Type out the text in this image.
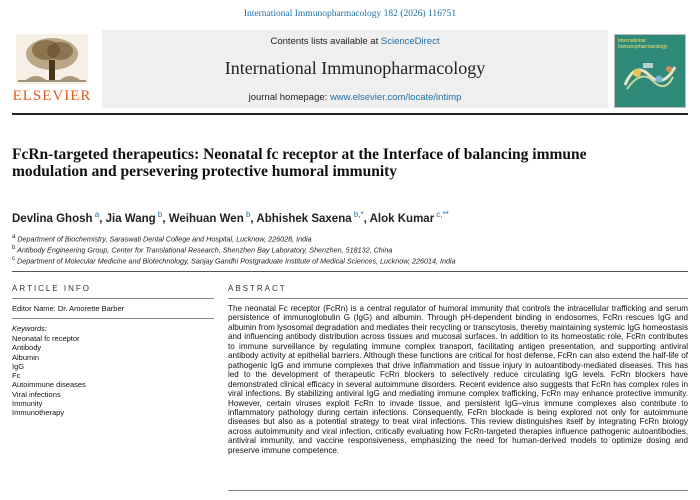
International Immunopharmacology 182 (2026) 116751
ELSEVIER
Contents lists available at ScienceDirect
International Immunopharmacology
journal homepage: www.elsevier.com/locate/intimp
International Immunopharmacology
FcRn-targeted therapeutics: Neonatal fc receptor at the Interface of balancing immune modulation and persevering protective humoral immunity
Devlina Ghosh $^a$, Jia Wang $^b$, Weihuan Wen $^b$, Abhishek Saxena $^{b,*}$, Alok Kumar $^{c,**}$
$^a$ Department of Biochemistry, Saraswati Dental College and Hospital, Lucknow, 226028, India
$^b$ Antibody Engineering Group, Center for Translational Research, Shenzhen Bay Laboratory, Shenzhen, 518132, China
$^c$ Department of Molecular Medicine and Biotechnology, Sanjay Gandhi Postgraduate Institute of Medical Sciences, Lucknow, 226014, India
ARTICLE INFO	ABSTRACT
Editor Name: Dr. Amorette Barber
Keywords:
Neonatal fc receptor
Antibody
Albumin
IgG
Fc
Autoimmune diseases
Viral infections
Immunity
Immunotherapy
The neonatal Fc receptor (FcRn) is a central regulator of humoral immunity that controls the intracellular trafficking and serum persistence of immunoglobulin G (IgG) and albumin. Through pH-dependent binding in endosomes, FcRn rescues IgG and albumin from lysosomal degradation and mediates their recycling or transcytosis, thereby maintaining systemic IgG homeostasis and influencing antibody distribution across tissues and mucosal surfaces. In addition to its homeostatic role, FcRn contributes to immune surveillance by regulating immune complex transport, facilitating antigen presentation, and supporting antiviral antibody activity at epithelial barriers. Although these functions are critical for host defense, FcRn can also extend the half-life of pathogenic IgG and immune complexes that drive inflammation and tissue injury in autoantibody-mediated diseases. This has led to the development of therapeutic FcRn blockers to selectively reduce circulating IgG levels. FcRn blockers have demonstrated clinical efficacy in several autoimmune disorders. Recent evidence also suggests that FcRn has complex roles in viral infections. By stabilizing antiviral IgG and mediating immune complex trafficking, FcRn may enhance protective immunity. However, certain viruses exploit FcRn to invade tissue, and persistent IgG–virus immune complexes also contribute to inflammatory pathology during certain infections. Consequently, FcRn blockade is being explored not only for autoimmune diseases but also as a potential strategy to treat viral infections. This review distinguishes itself by integrating FcRn biology across autoimmunity and viral infection, critically evaluating how FcRn-targeted therapies influence pathogenic autoantibodies, antiviral immunity, and vaccine responsiveness, emphasizing the need for human-derived models to optimize dosing and preserve immune competence.
